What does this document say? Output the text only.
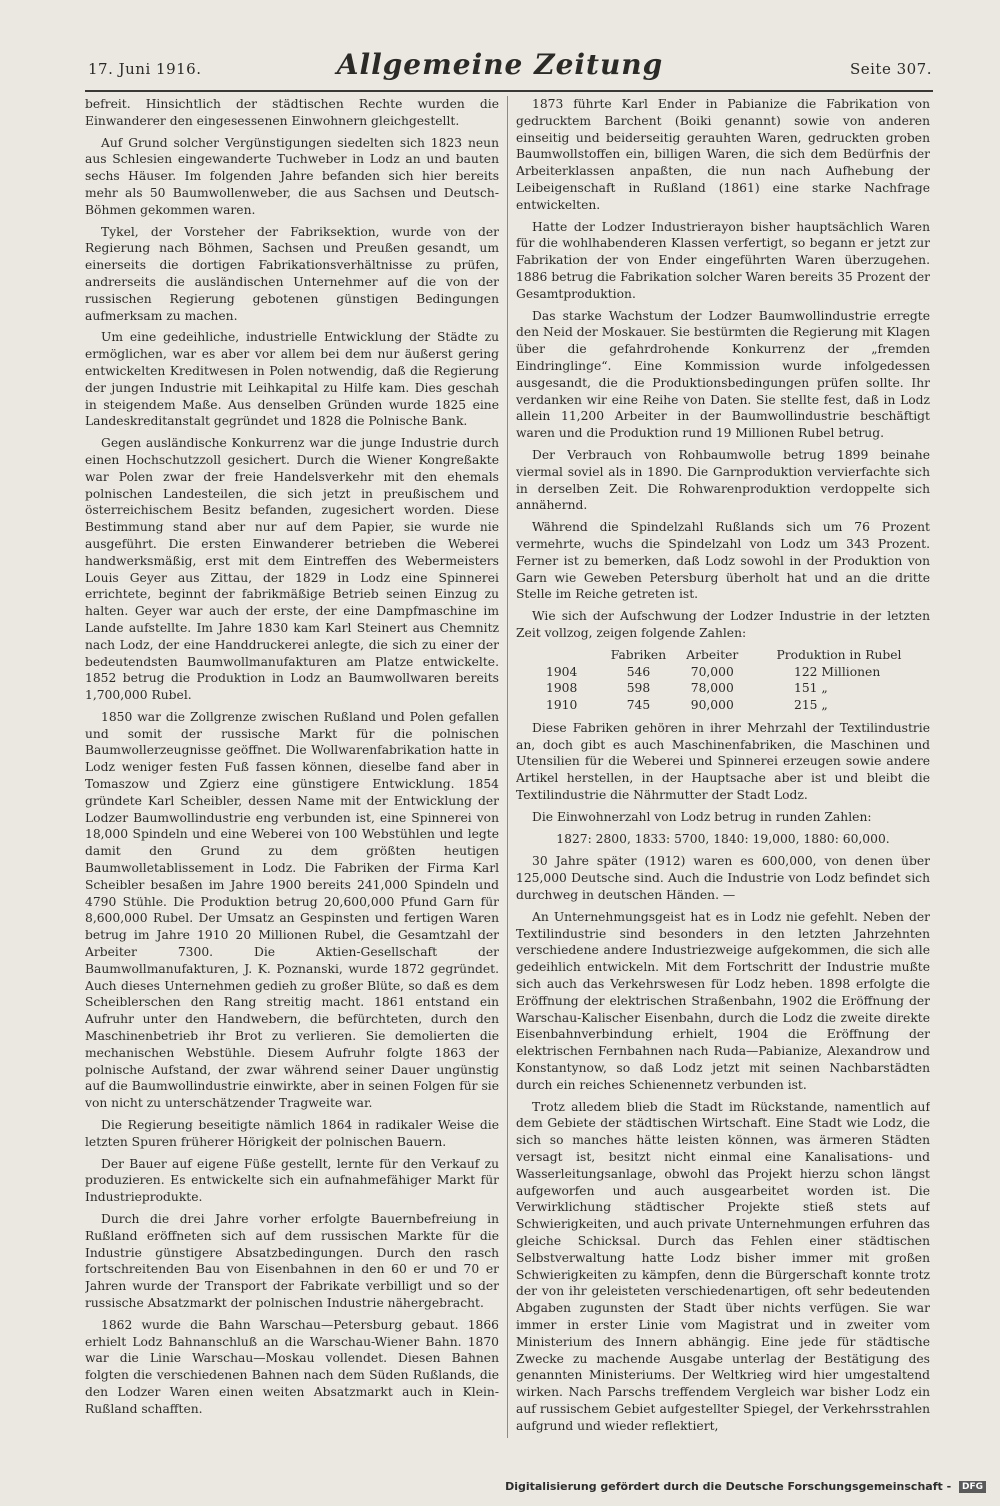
17. Juni 1916.	Allgemeine Zeitung	Seite 307.

befreit. Hinsichtlich der städtischen Rechte wurden die Einwanderer den eingesessenen Einwohnern gleichgestellt.

Auf Grund solcher Vergünstigungen siedelten sich 1823 neun aus Schlesien eingewanderte Tuchweber in Lodz an und bauten sechs Häuser. Im folgenden Jahre befanden sich hier bereits mehr als 50 Baumwollenweber, die aus Sachsen und Deutsch-Böhmen gekommen waren.

Tykel, der Vorsteher der Fabriksektion, wurde von der Regierung nach Böhmen, Sachsen und Preußen gesandt, um einerseits die dortigen Fabrikationsverhältnisse zu prüfen, andrerseits die ausländischen Unternehmer auf die von der russischen Regierung gebotenen günstigen Bedingungen aufmerksam zu machen.

Um eine gedeihliche, industrielle Entwicklung der Städte zu ermöglichen, war es aber vor allem bei dem nur äußerst gering entwickelten Kreditwesen in Polen notwendig, daß die Regierung der jungen Industrie mit Leihkapital zu Hilfe kam. Dies geschah in steigendem Maße. Aus denselben Gründen wurde 1825 eine Landeskreditanstalt gegründet und 1828 die Polnische Bank.

Gegen ausländische Konkurrenz war die junge Industrie durch einen Hochschutzzoll gesichert. Durch die Wiener Kongreßakte war Polen zwar der freie Handelsverkehr mit den ehemals polnischen Landesteilen, die sich jetzt in preußischem und österreichischem Besitz befanden, zugesichert worden. Diese Bestimmung stand aber nur auf dem Papier, sie wurde nie ausgeführt. Die ersten Einwanderer betrieben die Weberei handwerksmäßig, erst mit dem Eintreffen des Webermeisters Louis Geyer aus Zittau, der 1829 in Lodz eine Spinnerei errichtete, beginnt der fabrikmäßige Betrieb seinen Einzug zu halten. Geyer war auch der erste, der eine Dampfmaschine im Lande aufstellte. Im Jahre 1830 kam Karl Steinert aus Chemnitz nach Lodz, der eine Handdruckerei anlegte, die sich zu einer der bedeutendsten Baumwollmanufakturen am Platze entwickelte. 1852 betrug die Produktion in Lodz an Baumwollwaren bereits 1,700,000 Rubel.

1850 war die Zollgrenze zwischen Rußland und Polen gefallen und somit der russische Markt für die polnischen Baumwollerzeugnisse geöffnet. Die Wollwarenfabrikation hatte in Lodz weniger festen Fuß fassen können, dieselbe fand aber in Tomaszow und Zgierz eine günstigere Entwicklung. 1854 gründete Karl Scheibler, dessen Name mit der Entwicklung der Lodzer Baumwollindustrie eng verbunden ist, eine Spinnerei von 18,000 Spindeln und eine Weberei von 100 Webstühlen und legte damit den Grund zu dem größten heutigen Baumwolletablissement in Lodz. Die Fabriken der Firma Karl Scheibler besaßen im Jahre 1900 bereits 241,000 Spindeln und 4790 Stühle. Die Produktion betrug 20,600,000 Pfund Garn für 8,600,000 Rubel. Der Umsatz an Gespinsten und fertigen Waren betrug im Jahre 1910 20 Millionen Rubel, die Gesamtzahl der Arbeiter 7300. Die Aktien-Gesellschaft der Baumwollmanufakturen, J. K. Poznanski, wurde 1872 gegründet. Auch dieses Unternehmen gedieh zu großer Blüte, so daß es dem Scheiblerschen den Rang streitig macht. 1861 entstand ein Aufruhr unter den Handwebern, die befürchteten, durch den Maschinenbetrieb ihr Brot zu verlieren. Sie demolierten die mechanischen Webstühle. Diesem Aufruhr folgte 1863 der polnische Aufstand, der zwar während seiner Dauer ungünstig auf die Baumwollindustrie einwirkte, aber in seinen Folgen für sie von nicht zu unterschätzender Tragweite war.

Die Regierung beseitigte nämlich 1864 in radikaler Weise die letzten Spuren früherer Hörigkeit der polnischen Bauern.

Der Bauer auf eigene Füße gestellt, lernte für den Verkauf zu produzieren. Es entwickelte sich ein aufnahmefähiger Markt für Industrieprodukte.

Durch die drei Jahre vorher erfolgte Bauernbefreiung in Rußland eröffneten sich auf dem russischen Markte für die Industrie günstigere Absatzbedingungen. Durch den rasch fortschreitenden Bau von Eisenbahnen in den 60 er und 70 er Jahren wurde der Transport der Fabrikate verbilligt und so der russische Absatzmarkt der polnischen Industrie nähergebracht.

1862 wurde die Bahn Warschau—Petersburg gebaut. 1866 erhielt Lodz Bahnanschluß an die Warschau-Wiener Bahn. 1870 war die Linie Warschau—Moskau vollendet. Diesen Bahnen folgten die verschiedenen Bahnen nach dem Süden Rußlands, die den Lodzer Waren einen weiten Absatzmarkt auch in Klein-Rußland schafften.

1873 führte Karl Ender in Pabianize die Fabrikation von gedrucktem Barchent (Boiki genannt) sowie von anderen einseitig und beiderseitig gerauhten Waren, gedruckten groben Baumwollstoffen ein, billigen Waren, die sich dem Bedürfnis der Arbeiterklassen anpaßten, die nun nach Aufhebung der Leibeigenschaft in Rußland (1861) eine starke Nachfrage entwickelten.

Hatte der Lodzer Industrierayon bisher hauptsächlich Waren für die wohlhabenderen Klassen verfertigt, so begann er jetzt zur Fabrikation der von Ender eingeführten Waren überzugehen. 1886 betrug die Fabrikation solcher Waren bereits 35 Prozent der Gesamtproduktion.

Das starke Wachstum der Lodzer Baumwollindustrie erregte den Neid der Moskauer. Sie bestürmten die Regierung mit Klagen über die gefahrdrohende Konkurrenz der „fremden Eindringlinge“. Eine Kommission wurde infolgedessen ausgesandt, die die Produktionsbedingungen prüfen sollte. Ihr verdanken wir eine Reihe von Daten. Sie stellte fest, daß in Lodz allein 11,200 Arbeiter in der Baumwollindustrie beschäftigt waren und die Produktion rund 19 Millionen Rubel betrug.

Der Verbrauch von Rohbaumwolle betrug 1899 beinahe viermal soviel als in 1890. Die Garnproduktion vervierfachte sich in derselben Zeit. Die Rohwarenproduktion verdoppelte sich annähernd.

Während die Spindelzahl Rußlands sich um 76 Prozent vermehrte, wuchs die Spindelzahl von Lodz um 343 Prozent. Ferner ist zu bemerken, daß Lodz sowohl in der Produktion von Garn wie Geweben Petersburg überholt hat und an die dritte Stelle im Reiche getreten ist.

Wie sich der Aufschwung der Lodzer Industrie in der letzten Zeit vollzog, zeigen folgende Zahlen:

	Fabriken	Arbeiter	Produktion in Rubel
1904	546	70,000	122 Millionen
1908	598	78,000	151 „
1910	745	90,000	215 „

Diese Fabriken gehören in ihrer Mehrzahl der Textilindustrie an, doch gibt es auch Maschinenfabriken, die Maschinen und Utensilien für die Weberei und Spinnerei erzeugen sowie andere Artikel herstellen, in der Hauptsache aber ist und bleibt die Textilindustrie die Nährmutter der Stadt Lodz.

Die Einwohnerzahl von Lodz betrug in runden Zahlen:

1827: 2800, 1833: 5700, 1840: 19,000, 1880: 60,000.

30 Jahre später (1912) waren es 600,000, von denen über 125,000 Deutsche sind. Auch die Industrie von Lodz befindet sich durchweg in deutschen Händen. —

An Unternehmungsgeist hat es in Lodz nie gefehlt. Neben der Textilindustrie sind besonders in den letzten Jahrzehnten verschiedene andere Industriezweige aufgekommen, die sich alle gedeihlich entwickeln. Mit dem Fortschritt der Industrie mußte sich auch das Verkehrswesen für Lodz heben. 1898 erfolgte die Eröffnung der elektrischen Straßenbahn, 1902 die Eröffnung der Warschau-Kalischer Eisenbahn, durch die Lodz die zweite direkte Eisenbahnverbindung erhielt, 1904 die Eröffnung der elektrischen Fernbahnen nach Ruda—Pabianize, Alexandrow und Konstantynow, so daß Lodz jetzt mit seinen Nachbarstädten durch ein reiches Schienennetz verbunden ist.

Trotz alledem blieb die Stadt im Rückstande, namentlich auf dem Gebiete der städtischen Wirtschaft. Eine Stadt wie Lodz, die sich so manches hätte leisten können, was ärmeren Städten versagt ist, besitzt nicht einmal eine Kanalisations- und Wasserleitungsanlage, obwohl das Projekt hierzu schon längst aufgeworfen und auch ausgearbeitet worden ist. Die Verwirklichung städtischer Projekte stieß stets auf Schwierigkeiten, und auch private Unternehmungen erfuhren das gleiche Schicksal. Durch das Fehlen einer städtischen Selbstverwaltung hatte Lodz bisher immer mit großen Schwierigkeiten zu kämpfen, denn die Bürgerschaft konnte trotz der von ihr geleisteten verschiedenartigen, oft sehr bedeutenden Abgaben zugunsten der Stadt über nichts verfügen. Sie war immer in erster Linie vom Magistrat und in zweiter vom Ministerium des Innern abhängig. Eine jede für städtische Zwecke zu machende Ausgabe unterlag der Bestätigung des genannten Ministeriums. Der Weltkrieg wird hier umgestaltend wirken. Nach Parschs treffendem Vergleich war bisher Lodz ein auf russischem Gebiet aufgestellter Spiegel, der Verkehrsstrahlen aufgrund und wieder reflektiert,

Digitalisierung gefördert durch die Deutsche Forschungsgemeinschaft - DFG
